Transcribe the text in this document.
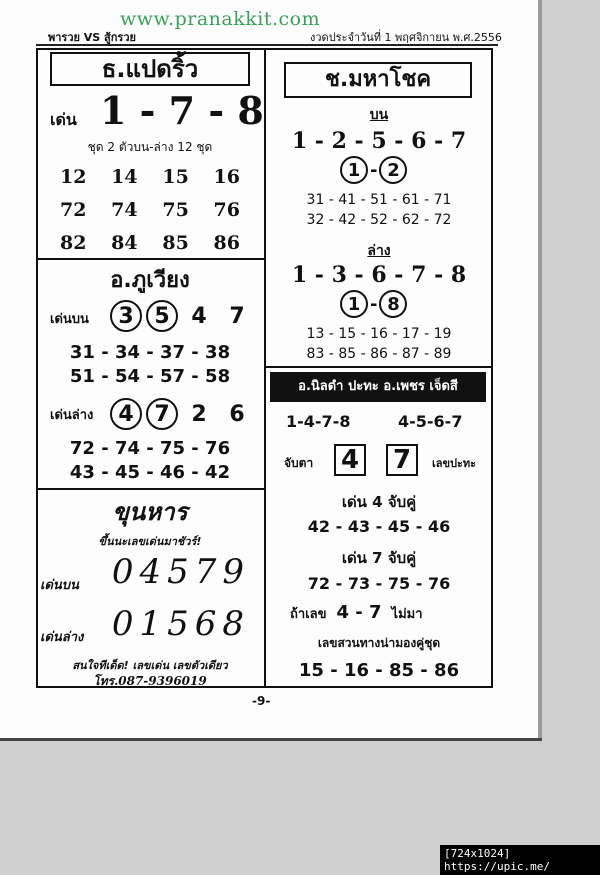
www.pranakkit.com
พารวย VS สู้กรวย	งวดประจำวันที่ 1 พฤศจิกายน พ.ศ.2556
ธ.แปดริ้ว
เด่น 1 - 7 - 8
ชุด 2 ตัวบน-ล่าง 12 ชุด
12 14 15 16
72 74 75 76
82 84 85 86
อ.ภูเวียง
เด่นบน	3 5 4	7
31 - 34 - 37 - 38
51 - 54 - 57 - 58
เด่นล่าง	4 7 2	6
72 - 74 - 75 - 76
43 - 45 - 46 - 42
ขุนหาร
ขึ้นนะเลขเด่นมาชัวร์!
เด่นบน 04579
เด่นล่าง 01568
สนใจทีเด็ด! เลขเด่น เลขตัวเดียว
โทร.087-9396019
ช.มหาโชค
บน
1 - 2 - 5 - 6 - 7
1 - 2
31 - 41 - 51 - 61 - 71
32 - 42 - 52 - 62 - 72
ล่าง
1 - 3 - 6 - 7 - 8
1 - 8
13 - 15 - 16 - 17 - 19
83 - 85 - 86 - 87 - 89
อ.นิลดำ ปะทะ อ.เพชร เจ็ดสี
1-4-7-8	4-5-6-7
จับตา 4 7	เลขปะทะ
เด่น 4 จับคู่
42 - 43 - 45 - 46
เด่น 7 จับคู่
72 - 73 - 75 - 76
ถ้าเลข 4 - 7 ไม่มา
เลขสวนทางน่ามองคู่ชุด
15 - 16 - 85 - 86
-9-
[724x1024] https://upic.me/
